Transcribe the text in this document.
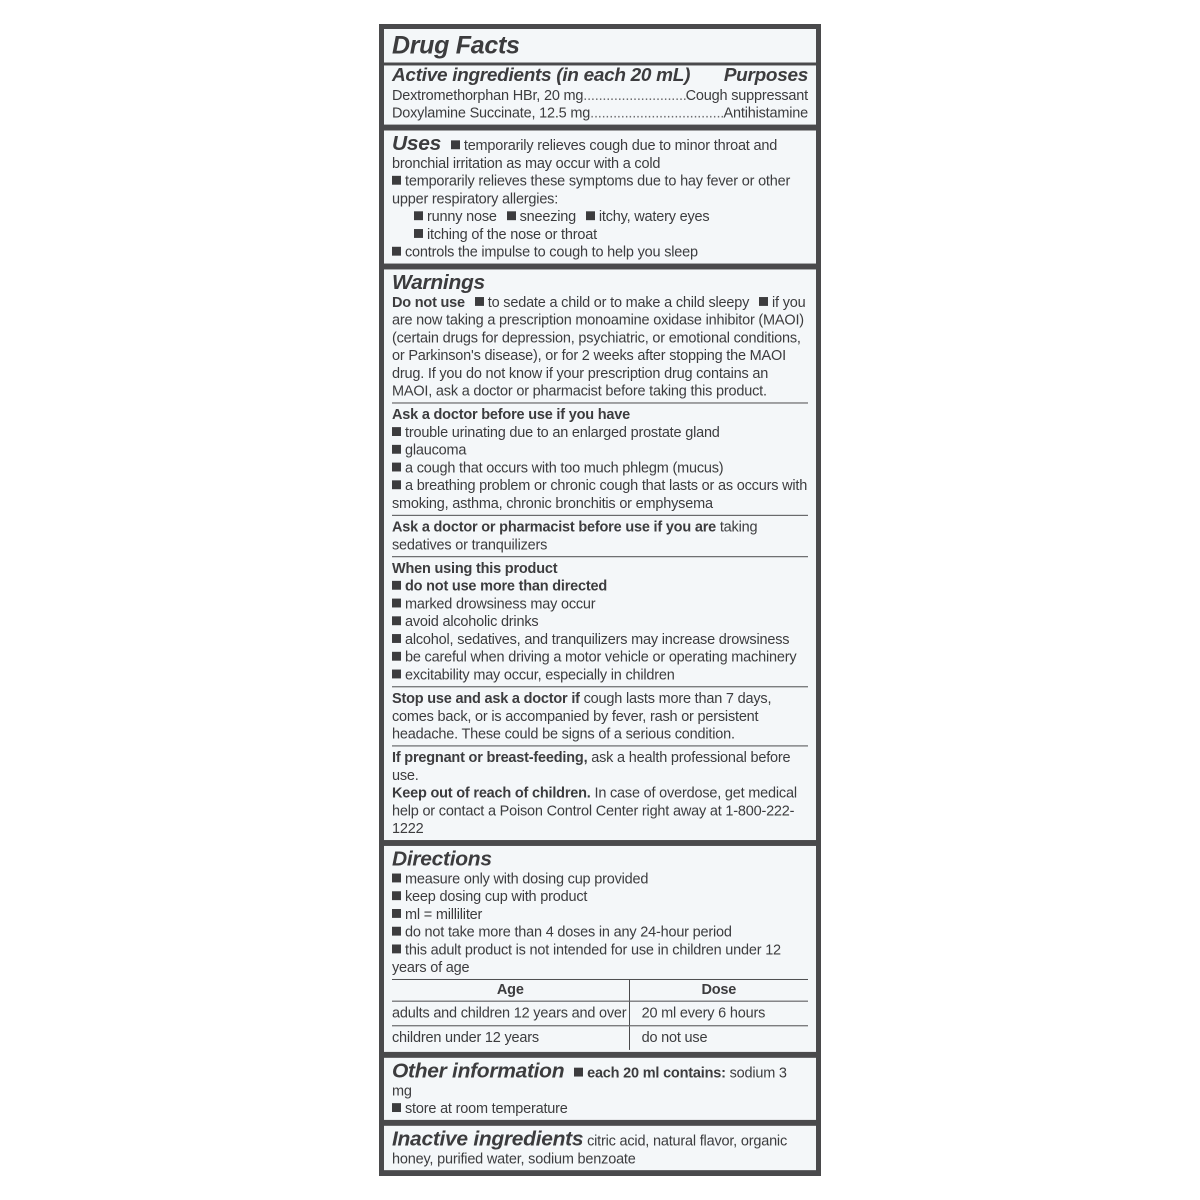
Drug Facts
Active ingredients (in each 20 mL) Purposes
Dextromethorphan HBr, 20 mg .....	Cough suppressant
Doxylamine Succinate, 12.5 mg .....	Antihistamine
Uses temporarily relieves cough due to minor throat and bronchial irritation as may occur with a cold
temporarily relieves these symptoms due to hay fever or other upper respiratory allergies:
runny nose sneezing itchy, watery eyes
itching of the nose or throat
controls the impulse to cough to help you sleep
Warnings
Do not use to sedate a child or to make a child sleepy if you are now taking a prescription monoamine oxidase inhibitor (MAOI) (certain drugs for depression, psychiatric, or emotional conditions, or Parkinson's disease), or for 2 weeks after stopping the MAOI drug. If you do not know if your prescription drug contains an MAOI, ask a doctor or pharmacist before taking this product.
Ask a doctor before use if you have
trouble urinating due to an enlarged prostate gland
glaucoma
a cough that occurs with too much phlegm (mucus)
a breathing problem or chronic cough that lasts or as occurs with smoking, asthma, chronic bronchitis or emphysema
Ask a doctor or pharmacist before use if you are taking sedatives or tranquilizers
When using this product
do not use more than directed
marked drowsiness may occur
avoid alcoholic drinks
alcohol, sedatives, and tranquilizers may increase drowsiness
be careful when driving a motor vehicle or operating machinery
excitability may occur, especially in children
Stop use and ask a doctor if cough lasts more than 7 days, comes back, or is accompanied by fever, rash or persistent headache. These could be signs of a serious condition.
If pregnant or breast-feeding, ask a health professional before use.
Keep out of reach of children. In case of overdose, get medical help or contact a Poison Control Center right away at 1-800-222-1222
Directions
measure only with dosing cup provided
keep dosing cup with product
ml = milliliter
do not take more than 4 doses in any 24-hour period
this adult product is not intended for use in children under 12 years of age
Age	Dose
adults and children 12 years and over	20 ml every 6 hours
children under 12 years	do not use
Other information each 20 ml contains: sodium 3 mg
store at room temperature
Inactive ingredients citric acid, natural flavor, organic honey, purified water, sodium benzoate
